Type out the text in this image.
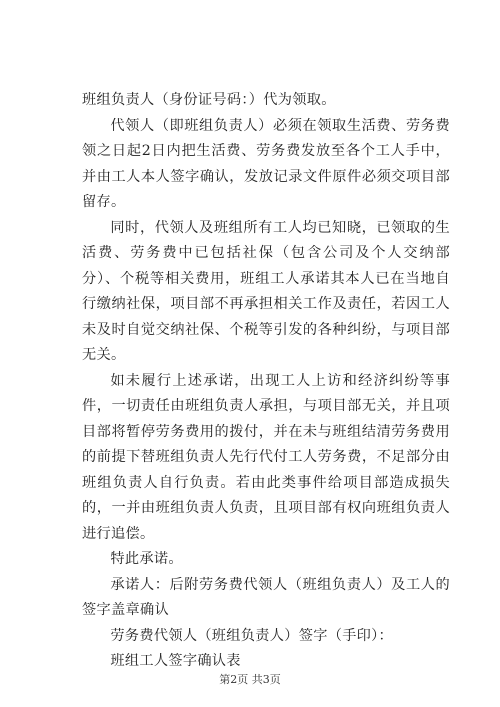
班组负责人（身份证号码：）代为领取。

代领人（即班组负责人）必须在领取生活费、劳务费领之日起2日内把生活费、劳务费发放至各个工人手中，并由工人本人签字确认，发放记录文件原件必须交项目部留存。

同时，代领人及班组所有工人均已知晓，已领取的生活费、劳务费中已包括社保（包含公司及个人交纳部分）、个税等相关费用，班组工人承诺其本人已在当地自行缴纳社保，项目部不再承担相关工作及责任，若因工人未及时自觉交纳社保、个税等引发的各种纠纷，与项目部无关。

如未履行上述承诺，出现工人上访和经济纠纷等事件，一切责任由班组负责人承担，与项目部无关，并且项目部将暂停劳务费用的拨付，并在未与班组结清劳务费用的前提下替班组负责人先行代付工人劳务费，不足部分由班组负责人自行负责。若由此类事件给项目部造成损失的，一并由班组负责人负责，且项目部有权向班组负责人进行追偿。

特此承诺。

承诺人：后附劳务费代领人（班组负责人）及工人的签字盖章确认

劳务费代领人（班组负责人）签字（手印）：

班组工人签字确认表

第2页 共3页
